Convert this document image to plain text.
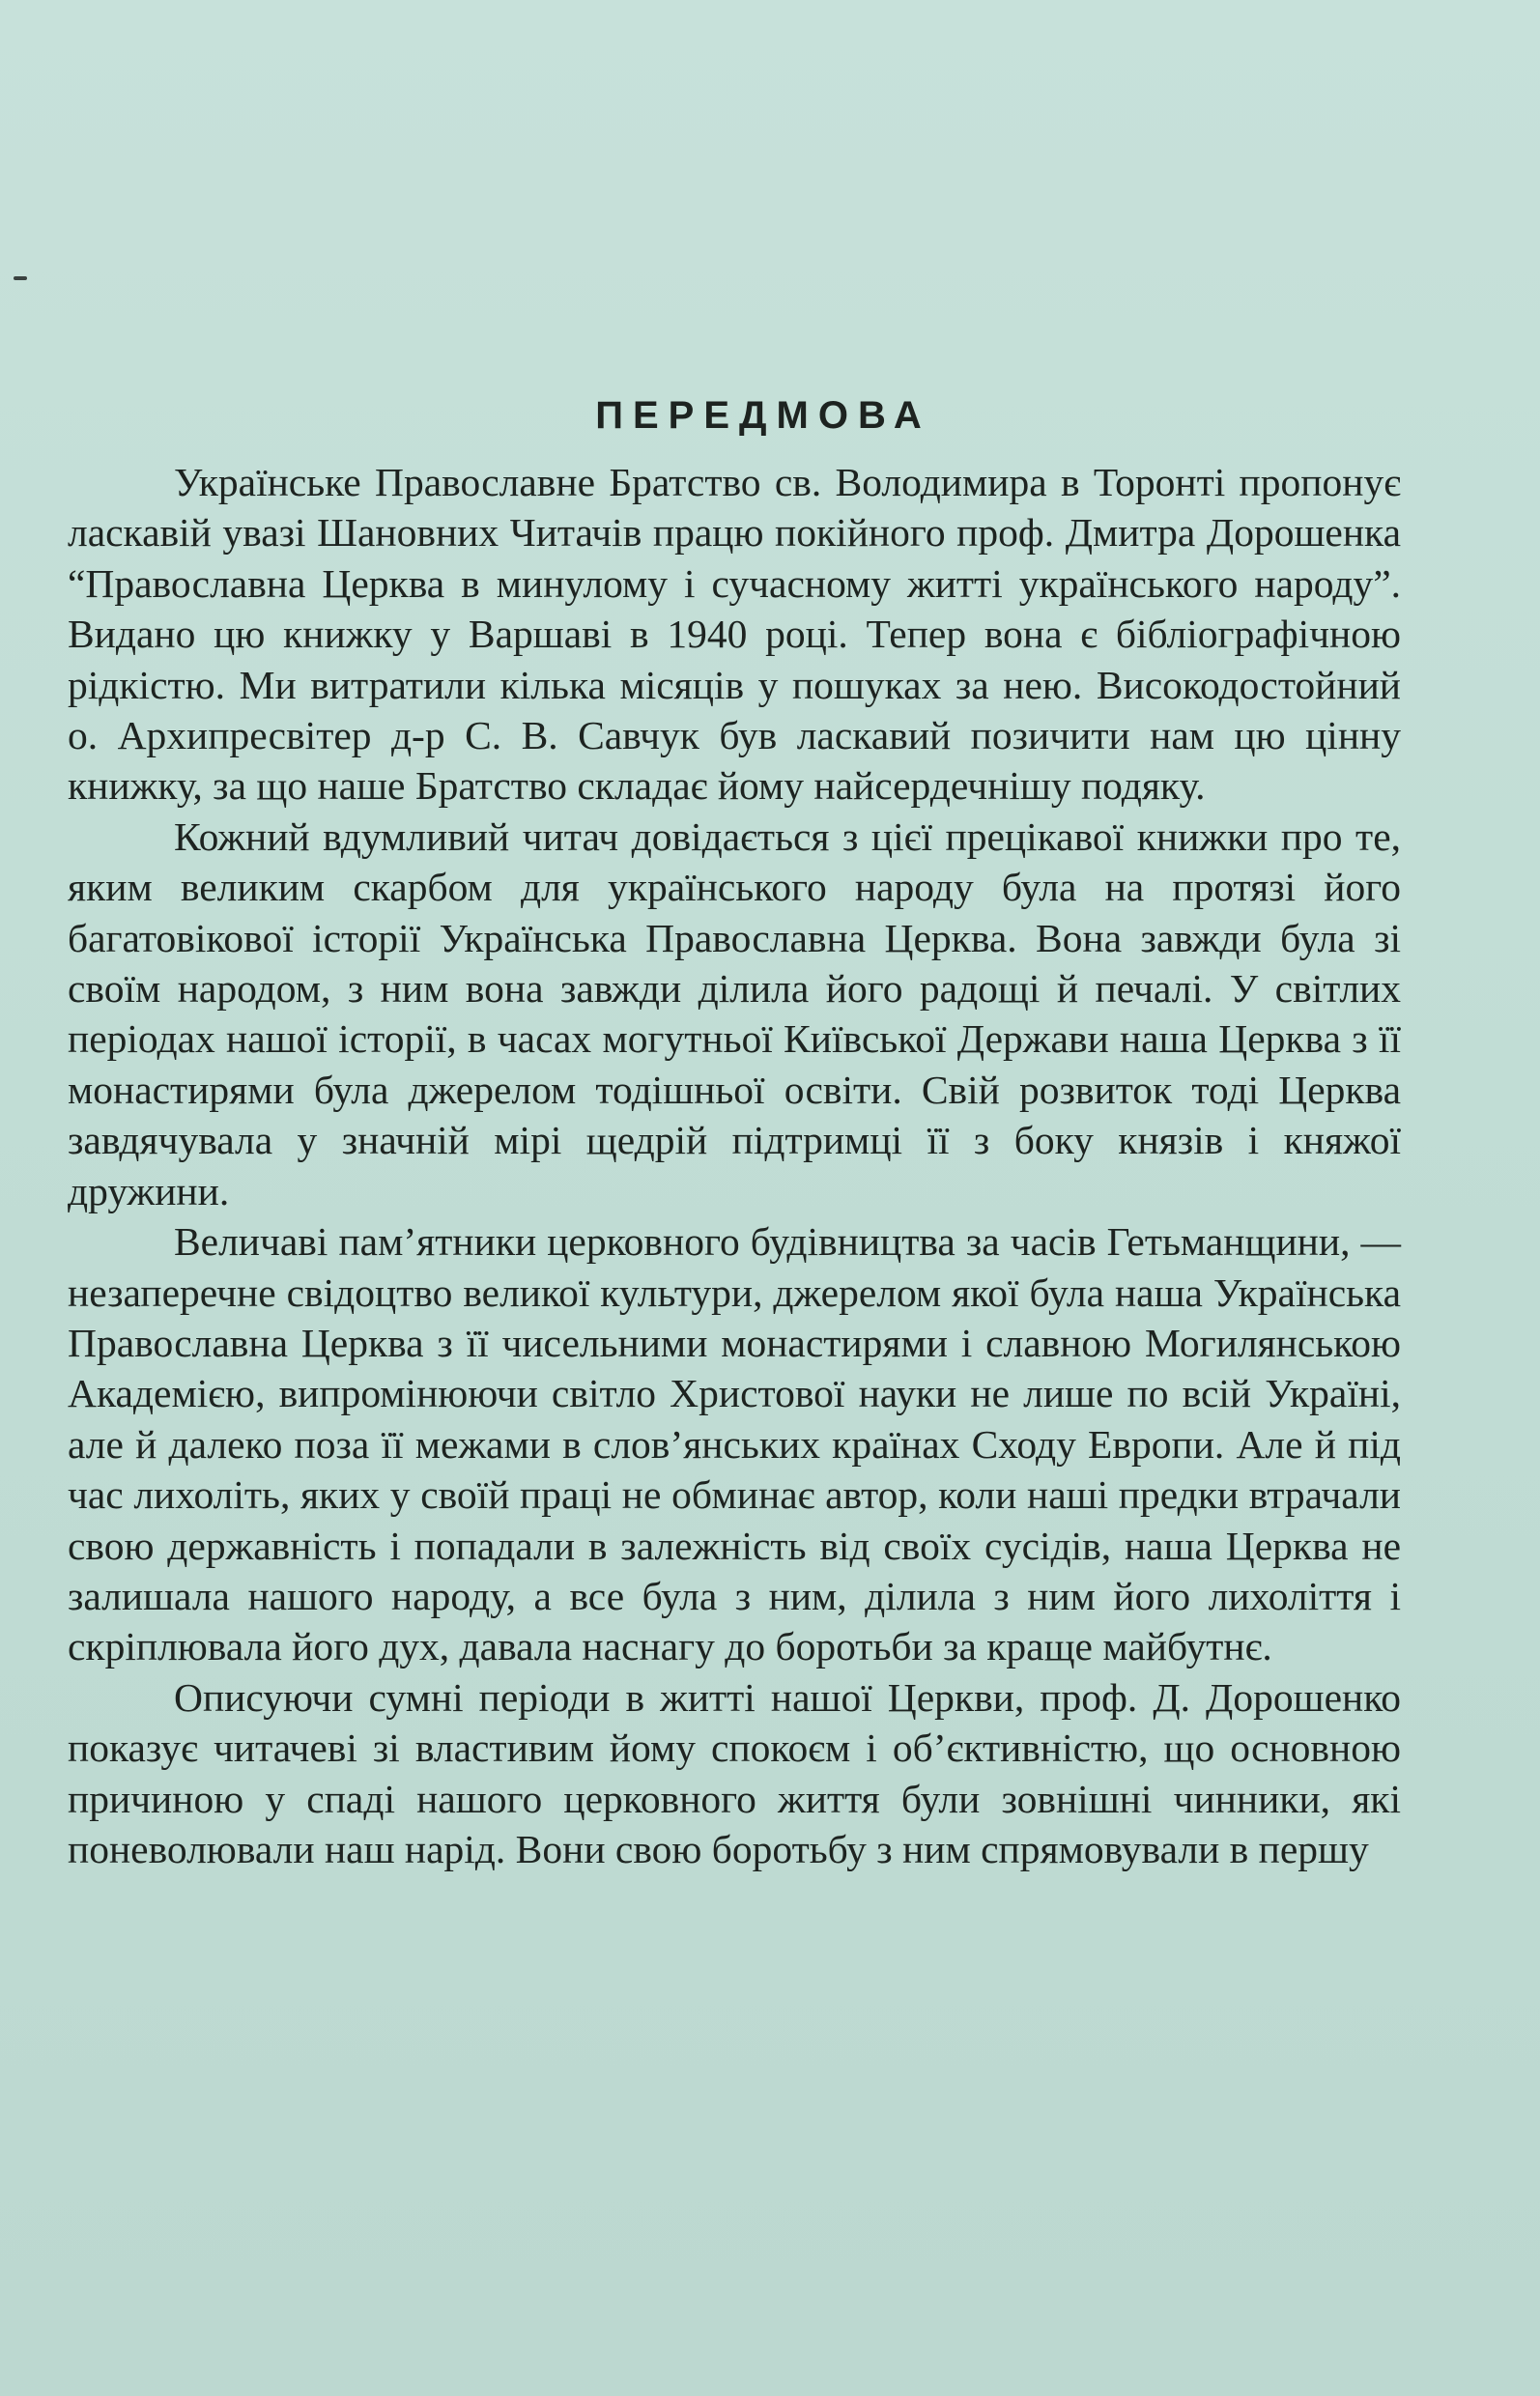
ПЕРЕДМОВА

Українське Православне Братство св. Володимира в Торонті пропонує ласкавій увазі Шановних Читачів працю покійного проф. Дмитра Дорошенка “Православна Церква в минулому і сучасному житті українського народу”. Видано цю книжку у Варшаві в 1940 році. Тепер вона є бібліографічною рідкістю. Ми витратили кілька місяців у пошуках за нею. Високодостойний о. Архипресвітер д-р С. В. Савчук був ласкавий позичити нам цю цінну книжку, за що наше Братство складає йому найсердечнішу подяку.

Кожний вдумливий читач довідається з цієї прецікавої книжки про те, яким великим скарбом для українського народу була на протязі його багатовікової історії Українська Православна Церква. Вона завжди була зі своїм народом, з ним вона завжди ділила його радощі й печалі. У світлих періодах нашої історії, в часах могутньої Київської Держави наша Церква з її монастирями була джерелом тодішньої освіти. Свій розвиток тоді Церква завдячувала у значній мірі щедрій підтримці її з боку князів і княжої дружини.

Величаві пам’ятники церковного будівництва за часів Гетьманщини, — незаперечне свідоцтво великої культури, джерелом якої була наша Українська Православна Церква з її чисельними монастирями і славною Могилянською Академією, випромінюючи світло Христової науки не лише по всій Україні, але й далеко поза її межами в слов’янських країнах Сходу Европи. Але й під час лихоліть, яких у своїй праці не обминає автор, коли наші предки втрачали свою державність і попадали в залежність від своїх сусідів, наша Церква не залишала нашого народу, а все була з ним, ділила з ним його лихоліття і скріплювала його дух, давала наснагу до боротьби за краще майбутнє.

Описуючи сумні періоди в житті нашої Церкви, проф. Д. Дорошенко показує читачеві зі властивим йому спокоєм і об’єктивністю, що основною причиною у спаді нашого церковного життя були зовнішні чинники, які поневолювали наш нарід. Вони свою боротьбу з ним спрямовували в першу
